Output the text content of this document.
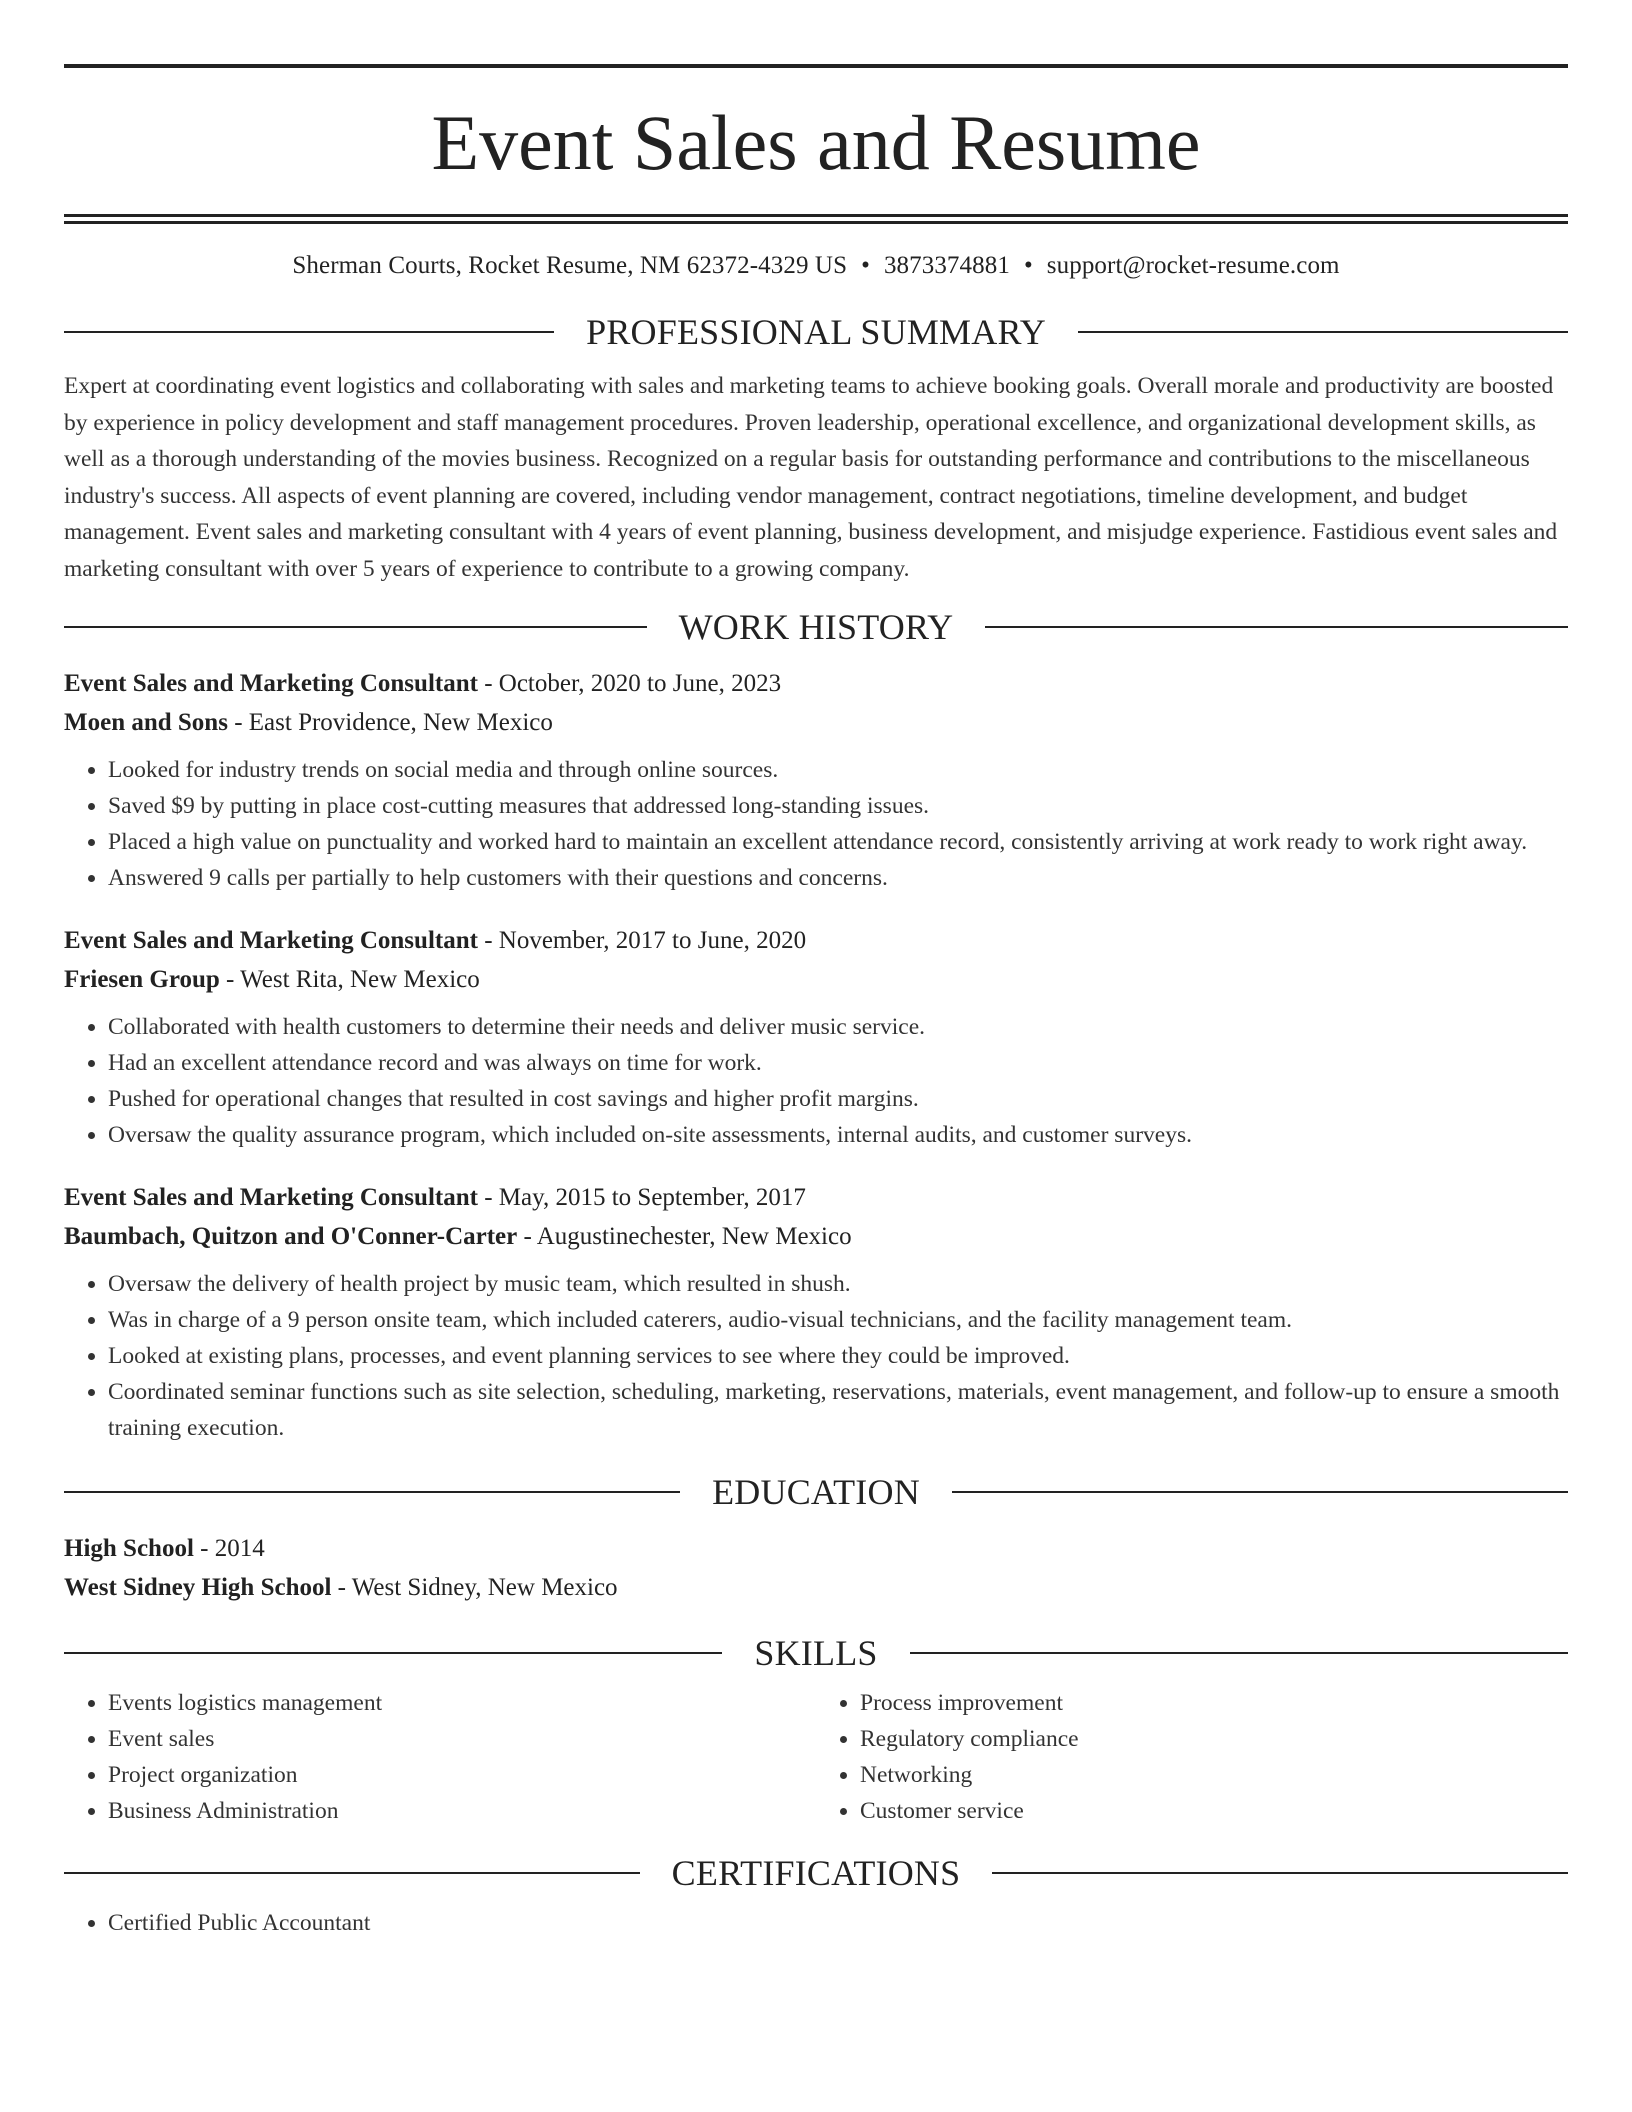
Event Sales and Resume
Sherman Courts, Rocket Resume, NM 62372-4329 US • 3873374881 • support@rocket-resume.com
PROFESSIONAL SUMMARY

Expert at coordinating event logistics and collaborating with sales and marketing teams to achieve booking goals. Overall morale and productivity are boosted by experience in policy development and staff management procedures. Proven leadership, operational excellence, and organizational development skills, as well as a thorough understanding of the movies business. Recognized on a regular basis for outstanding performance and contributions to the miscellaneous industry's success. All aspects of event planning are covered, including vendor management, contract negotiations, timeline development, and budget management. Event sales and marketing consultant with 4 years of event planning, business development, and misjudge experience. Fastidious event sales and marketing consultant with over 5 years of experience to contribute to a growing company.

WORK HISTORY
Event Sales and Marketing Consultant - October, 2020 to June, 2023
Moen and Sons - East Providence, New Mexico
• Looked for industry trends on social media and through online sources.
• Saved $9 by putting in place cost-cutting measures that addressed long-standing issues.
• Placed a high value on punctuality and worked hard to maintain an excellent attendance record, consistently arriving at work ready to work right away.
• Answered 9 calls per partially to help customers with their questions and concerns.
Event Sales and Marketing Consultant - November, 2017 to June, 2020
Friesen Group - West Rita, New Mexico
• Collaborated with health customers to determine their needs and deliver music service.
• Had an excellent attendance record and was always on time for work.
• Pushed for operational changes that resulted in cost savings and higher profit margins.
• Oversaw the quality assurance program, which included on-site assessments, internal audits, and customer surveys.
Event Sales and Marketing Consultant - May, 2015 to September, 2017
Baumbach, Quitzon and O'Conner-Carter - Augustinechester, New Mexico
• Oversaw the delivery of health project by music team, which resulted in shush.
• Was in charge of a 9 person onsite team, which included caterers, audio-visual technicians, and the facility management team.
• Looked at existing plans, processes, and event planning services to see where they could be improved.
• Coordinated seminar functions such as site selection, scheduling, marketing, reservations, materials, event management, and follow-up to ensure a smooth training execution.
EDUCATION
High School - 2014
West Sidney High School - West Sidney, New Mexico
SKILLS
• Events logistics management
• Event sales
• Project organization
• Business Administration
• Process improvement
• Regulatory compliance
• Networking
• Customer service
CERTIFICATIONS
• Certified Public Accountant
